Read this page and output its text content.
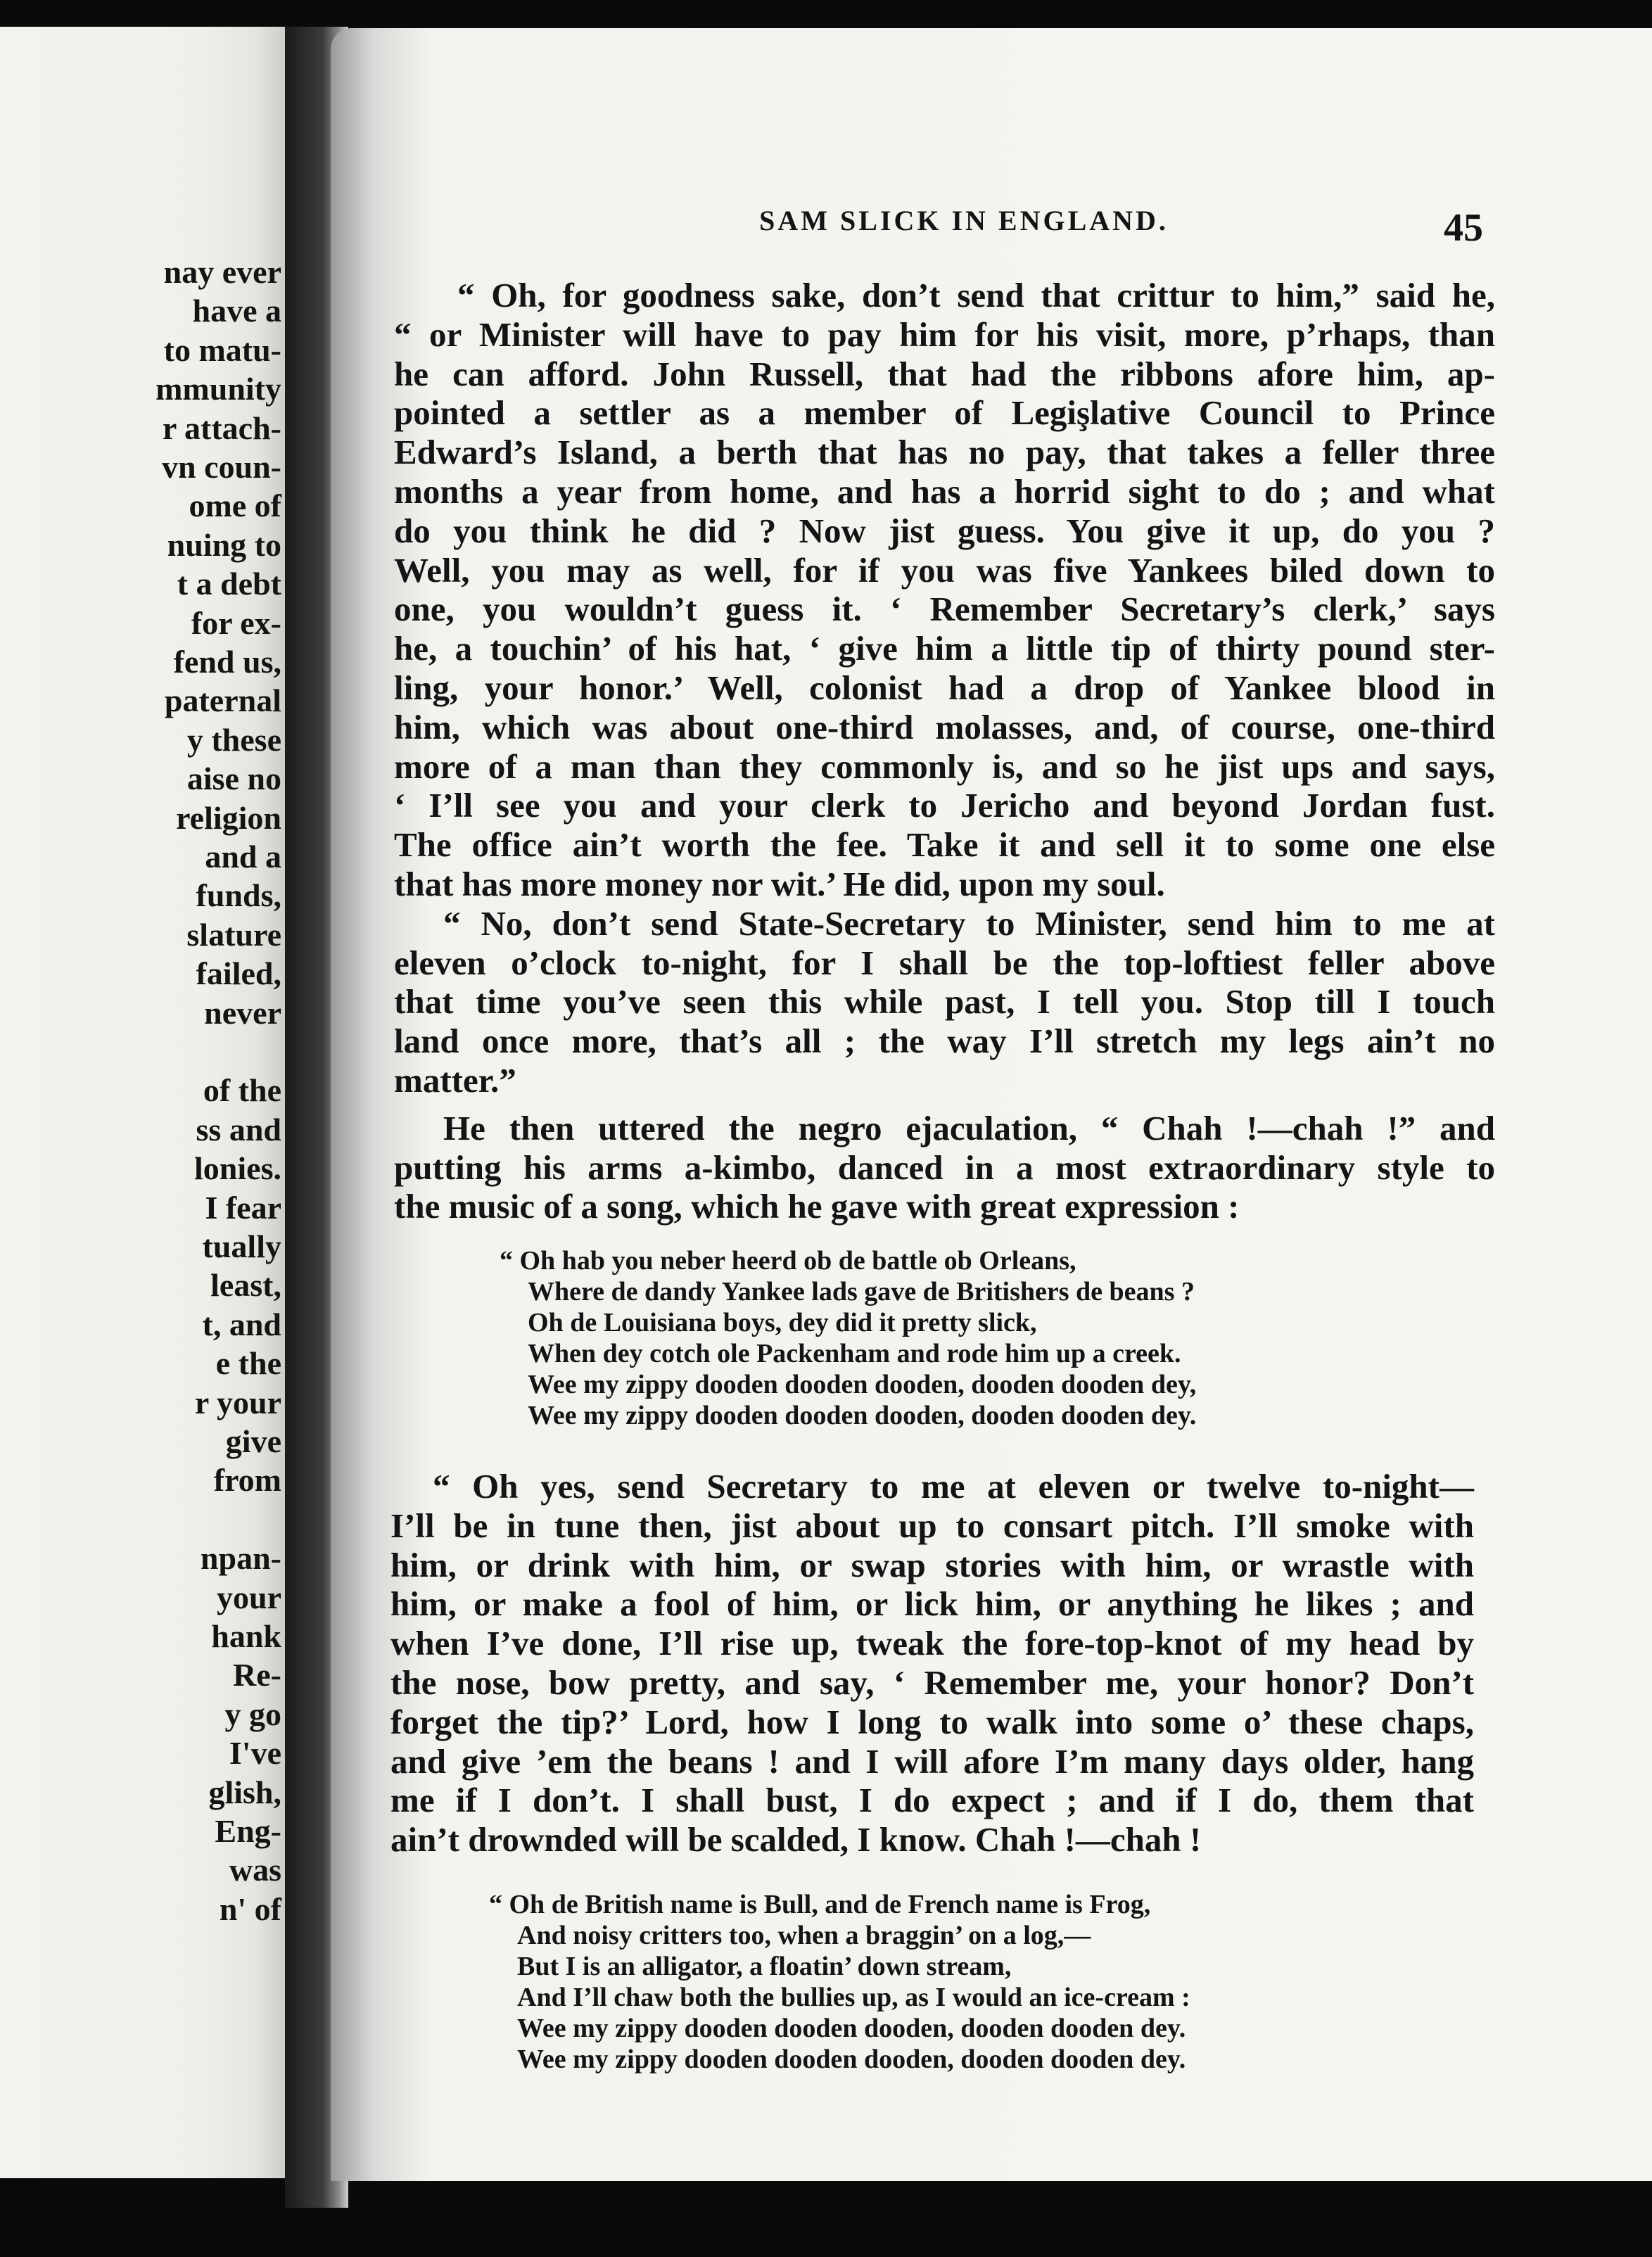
nay ever
have a
to matu-
mmunity
r attach-
vn coun-
ome of
nuing to
t a debt
for ex-
fend us,
paternal
y these
aise no
religion
and a
funds,
slature
failed,
never
of the
ss and
lonies.
I fear
tually
least,
t, and
e the
r your
give
from
npan-
your
hank
Re-
y go
I've
glish,
Eng-
was
n' of
SAM SLICK IN ENGLAND.	45
“ Oh, for goodness sake, don’t send that crittur to him,” said he,
“ or Minister will have to pay him for his visit, more, p’rhaps, than
he can afford. John Russell, that had the ribbons afore him, ap-
pointed a settler as a member of Legişlative Council to Prince
Edward’s Island, a berth that has no pay, that takes a feller three
months a year from home, and has a horrid sight to do ; and what
do you think he did ? Now jist guess. You give it up, do you ?
Well, you may as well, for if you was five Yankees biled down to
one, you wouldn’t guess it. ‘ Remember Secretary’s clerk,’ says
he, a touchin’ of his hat, ‘ give him a little tip of thirty pound ster-
ling, your honor.’ Well, colonist had a drop of Yankee blood in
him, which was about one-third molasses, and, of course, one-third
more of a man than they commonly is, and so he jist ups and says,
‘ I’ll see you and your clerk to Jericho and beyond Jordan fust.
The office ain’t worth the fee. Take it and sell it to some one else
that has more money nor wit.’ He did, upon my soul.
“ No, don’t send State-Secretary to Minister, send him to me at
eleven o’clock to-night, for I shall be the top-loftiest feller above
that time you’ve seen this while past, I tell you. Stop till I touch
land once more, that’s all ; the way I’ll stretch my legs ain’t no
matter.”
He then uttered the negro ejaculation, “ Chah !—chah !” and
putting his arms a-kimbo, danced in a most extraordinary style to
the music of a song, which he gave with great expression :
“ Oh hab you neber heerd ob de battle ob Orleans,
Where de dandy Yankee lads gave de Britishers de beans ?
Oh de Louisiana boys, dey did it pretty slick,
When dey cotch ole Packenham and rode him up a creek.
Wee my zippy dooden dooden dooden, dooden dooden dey,
Wee my zippy dooden dooden dooden, dooden dooden dey.
“ Oh yes, send Secretary to me at eleven or twelve to-night—
I’ll be in tune then, jist about up to consart pitch. I’ll smoke with
him, or drink with him, or swap stories with him, or wrastle with
him, or make a fool of him, or lick him, or anything he likes ; and
when I’ve done, I’ll rise up, tweak the fore-top-knot of my head by
the nose, bow pretty, and say, ‘ Remember me, your honor? Don’t
forget the tip?’ Lord, how I long to walk into some o’ these chaps,
and give ’em the beans ! and I will afore I’m many days older, hang
me if I don’t. I shall bust, I do expect ; and if I do, them that
ain’t drownded will be scalded, I know. Chah !—chah !
“ Oh de British name is Bull, and de French name is Frog,
And noisy critters too, when a braggin’ on a log,—
But I is an alligator, a floatin’ down stream,
And I’ll chaw both the bullies up, as I would an ice-cream :
Wee my zippy dooden dooden dooden, dooden dooden dey.
Wee my zippy dooden dooden dooden, dooden dooden dey.
